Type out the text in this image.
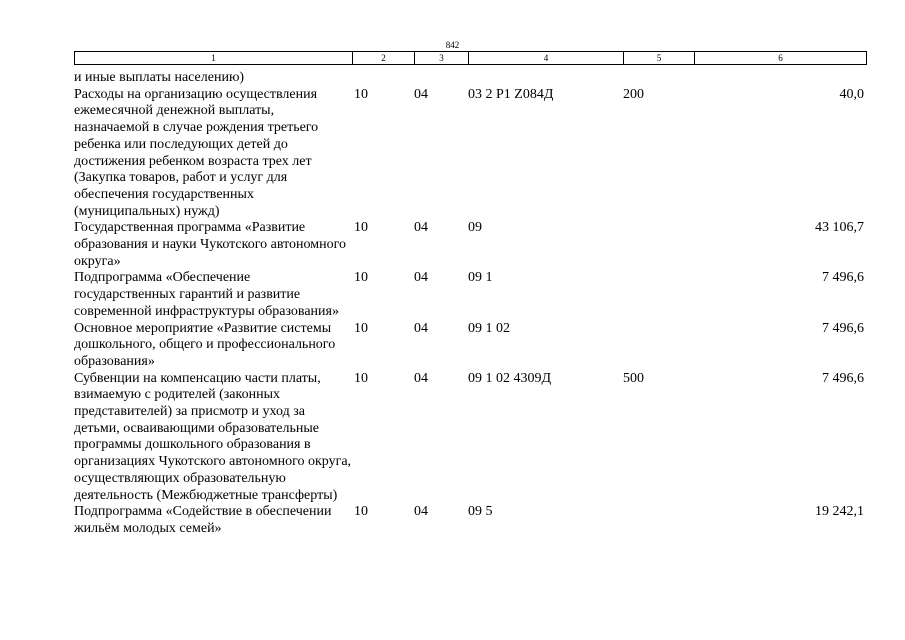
842
1	2	3	4	5	6
и иные выплаты населению)					
Расходы на организацию осуществления ежемесячной денежной выплаты, назначаемой в случае рождения третьего ребенка или последующих детей до достижения ребенком возраста трех лет (Закупка товаров, работ и услуг для обеспечения государственных (муниципальных) нужд)	10	04	03 2 P1 Z084Д	200	40,0
Государственная программа «Развитие образования и науки Чукотского автономного округа»	10	04	09		43 106,7
Подпрограмма «Обеспечение государственных гарантий и развитие современной инфраструктуры образования»	10	04	09 1		7 496,6
Основное мероприятие «Развитие системы дошкольного, общего и профессионального образования»	10	04	09 1 02		7 496,6
Субвенции на компенсацию части платы, взимаемую с родителей (законных представителей) за присмотр и уход за детьми, осваивающими образовательные программы дошкольного образования в организациях Чукотского автономного округа, осуществляющих образовательную деятельность (Межбюджетные трансферты)	10	04	09 1 02 4309Д	500	7 496,6
Подпрограмма «Содействие в обеспечении жильём молодых семей»	10	04	09 5		19 242,1
